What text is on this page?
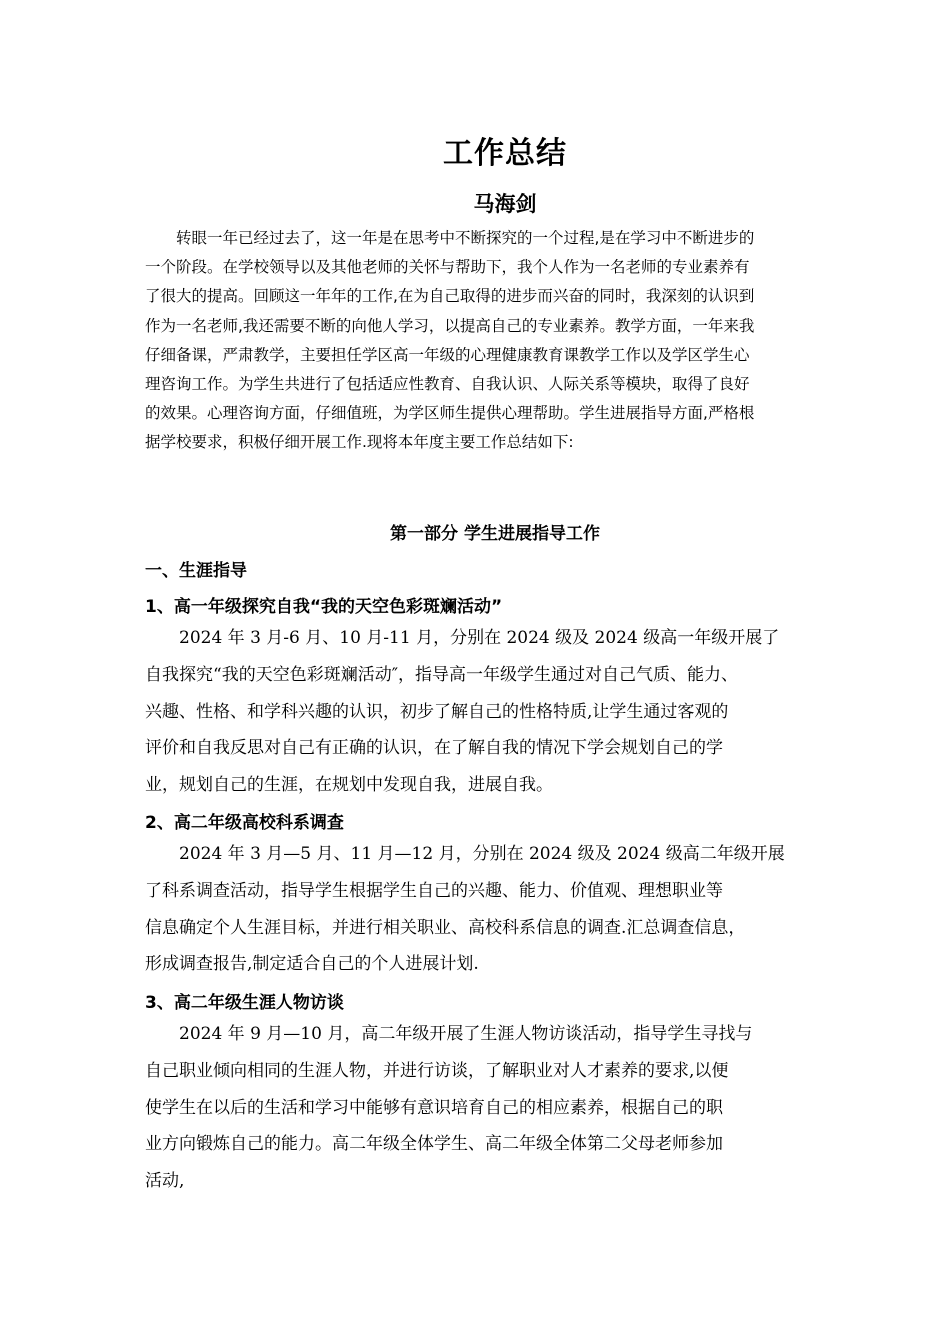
工作总结
马海剑
　　转眼一年已经过去了，这一年是在思考中不断探究的一个过程,是在学习中不断进步的
一个阶段。在学校领导以及其他老师的关怀与帮助下，我个人作为一名老师的专业素养有
了很大的提高。回顾这一年年的工作,在为自己取得的进步而兴奋的同时，我深刻的认识到
作为一名老师,我还需要不断的向他人学习，以提高自己的专业素养。教学方面，一年来我
仔细备课，严肃教学，主要担任学区高一年级的心理健康教育课教学工作以及学区学生心
理咨询工作。为学生共进行了包括适应性教育、自我认识、人际关系等模块，取得了良好
的效果。心理咨询方面，仔细值班，为学区师生提供心理帮助。学生进展指导方面,严格根
据学校要求，积极仔细开展工作.现将本年度主要工作总结如下:
第一部分 学生进展指导工作
一、生涯指导
1、高一年级探究自我“我的天空色彩斑斓活动”
　　2024 年 3 月-6 月、10 月-11 月，分别在 2024 级及 2024 级高一年级开展了
自我探究“我的天空色彩斑斓活动″，指导高一年级学生通过对自己气质、能力、
兴趣、性格、和学科兴趣的认识，初步了解自己的性格特质,让学生通过客观的
评价和自我反思对自己有正确的认识，在了解自我的情况下学会规划自己的学
业，规划自己的生涯，在规划中发现自我，进展自我。
2、高二年级高校科系调查
　　2024 年 3 月—5 月、11 月—12 月，分别在 2024 级及 2024 级高二年级开展
了科系调查活动，指导学生根据学生自己的兴趣、能力、价值观、理想职业等
信息确定个人生涯目标，并进行相关职业、高校科系信息的调查.汇总调查信息，
形成调查报告,制定适合自己的个人进展计划.
3、高二年级生涯人物访谈
　　2024 年 9 月—10 月，高二年级开展了生涯人物访谈活动，指导学生寻找与
自己职业倾向相同的生涯人物，并进行访谈，了解职业对人才素养的要求,以便
使学生在以后的生活和学习中能够有意识培育自己的相应素养，根据自己的职
业方向锻炼自己的能力。高二年级全体学生、高二年级全体第二父母老师参加
活动,
